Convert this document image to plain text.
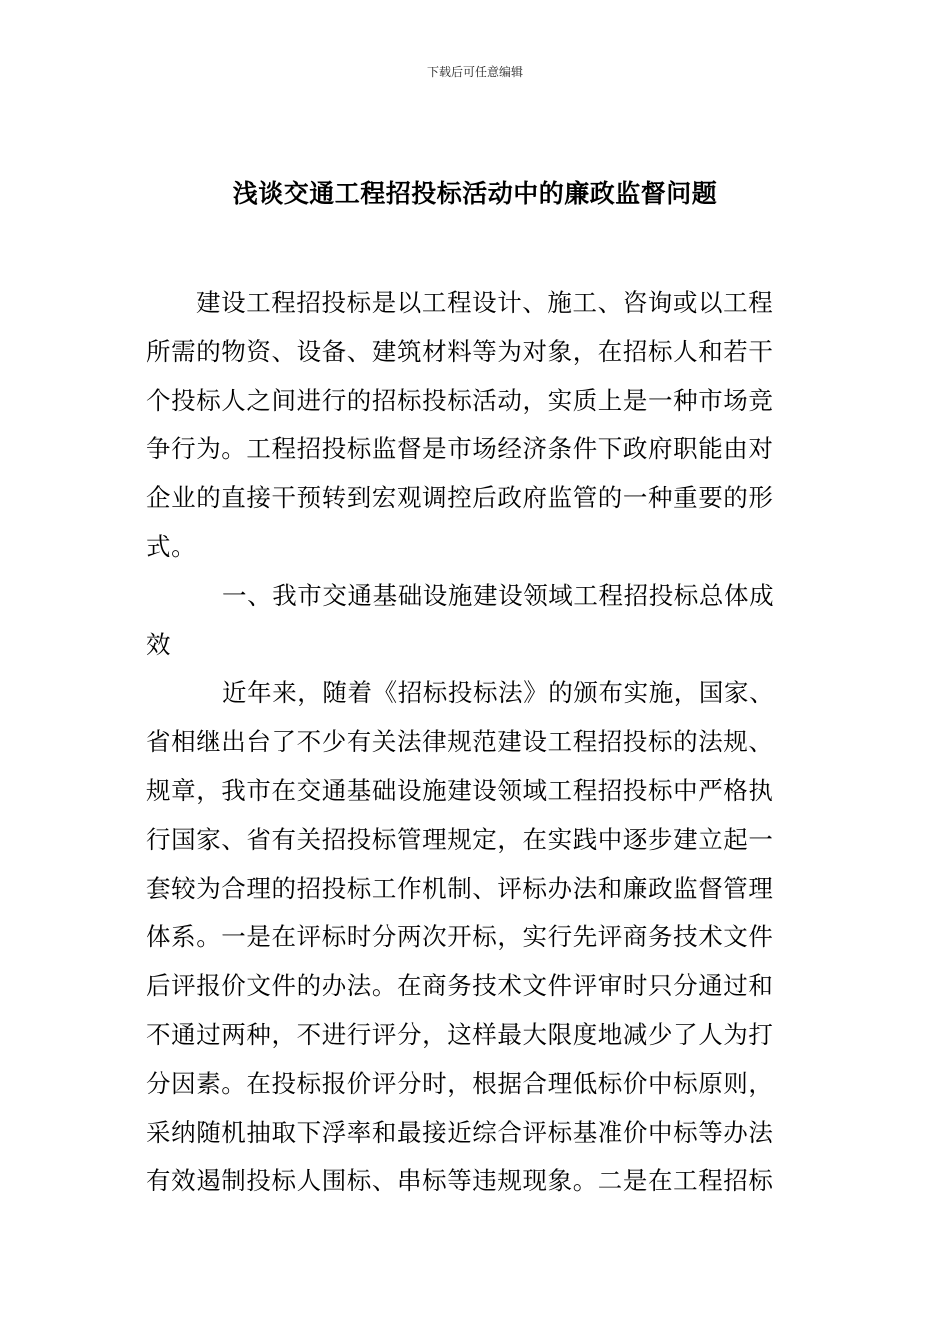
下载后可任意编辑
浅谈交通工程招投标活动中的廉政监督问题
建设工程招投标是以工程设计、施工、咨询或以工程
所需的物资、设备、建筑材料等为对象，在招标人和若干
个投标人之间进行的招标投标活动，实质上是一种市场竞
争行为。工程招投标监督是市场经济条件下政府职能由对
企业的直接干预转到宏观调控后政府监管的一种重要的形
式。
一、我市交通基础设施建设领域工程招投标总体成
效
近年来，随着《招标投标法》的颁布实施，国家、
省相继出台了不少有关法律规范建设工程招投标的法规、
规章，我市在交通基础设施建设领域工程招投标中严格执
行国家、省有关招投标管理规定，在实践中逐步建立起一
套较为合理的招投标工作机制、评标办法和廉政监督管理
体系。一是在评标时分两次开标，实行先评商务技术文件
后评报价文件的办法。在商务技术文件评审时只分通过和
不通过两种，不进行评分，这样最大限度地减少了人为打
分因素。在投标报价评分时，根据合理低标价中标原则，
采纳随机抽取下浮率和最接近综合评标基准价中标等办法
有效遏制投标人围标、串标等违规现象。二是在工程招标
